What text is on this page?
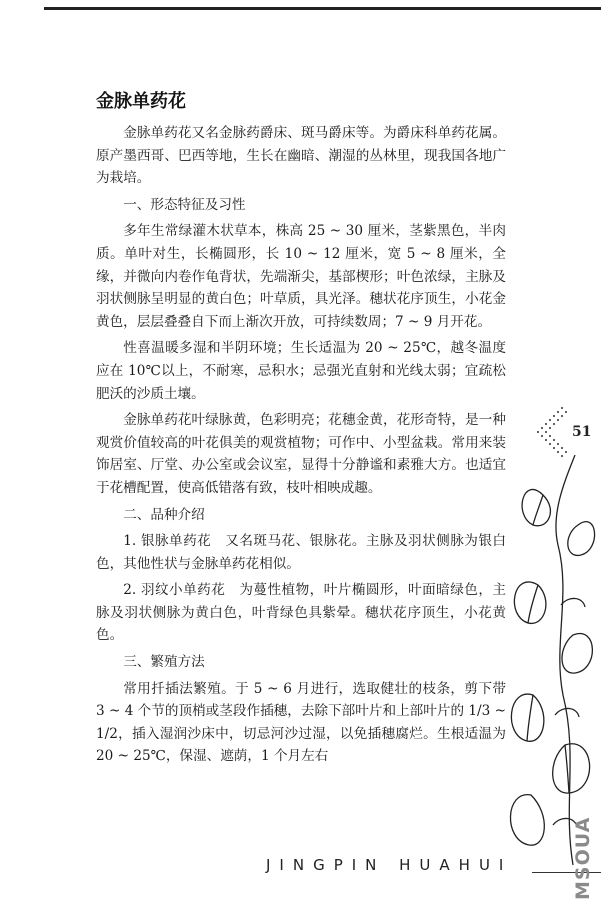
金脉单药花

金脉单药花又名金脉药爵床、斑马爵床等。为爵床科单药花属。原产墨西哥、巴西等地，生长在幽暗、潮湿的丛林里，现我国各地广为栽培。

一、形态特征及习性

多年生常绿灌木状草本，株高 25 ~ 30 厘米，茎紫黑色，半肉质。单叶对生，长椭圆形，长 10 ~ 12 厘米，宽 5 ~ 8 厘米，全缘，并微向内卷作龟背状，先端渐尖，基部楔形；叶色浓绿，主脉及羽状侧脉呈明显的黄白色；叶草质，具光泽。穗状花序顶生，小花金黄色，层层叠叠自下而上渐次开放，可持续数周；7 ~ 9 月开花。

性喜温暖多湿和半阴环境；生长适温为 20 ~ 25℃，越冬温度应在 10℃以上，不耐寒，忌积水；忌强光直射和光线太弱；宜疏松肥沃的沙质土壤。

金脉单药花叶绿脉黄，色彩明亮；花穗金黄，花形奇特，是一种观赏价值较高的叶花俱美的观赏植物；可作中、小型盆栽。常用来装饰居室、厅堂、办公室或会议室，显得十分静谧和素雅大方。也适宜于花槽配置，使高低错落有致，枝叶相映成趣。

二、品种介绍

1. 银脉单药花　又名斑马花、银脉花。主脉及羽状侧脉为银白色，其他性状与金脉单药花相似。

2. 羽纹小单药花　为蔓性植物，叶片椭圆形，叶面暗绿色，主脉及羽状侧脉为黄白色，叶背绿色具紫晕。穗状花序顶生，小花黄色。

三、繁殖方法

常用扦插法繁殖。于 5 ~ 6 月进行，选取健壮的枝条，剪下带 3 ~ 4 个节的顶梢或茎段作插穗，去除下部叶片和上部叶片的 1/3 ~ 1/2，插入湿润沙床中，切忌河沙过湿，以免插穗腐烂。生根适温为 20 ~ 25℃，保湿、遮荫，1 个月左右

51
JINGPIN HUAHUI	MSOUA
